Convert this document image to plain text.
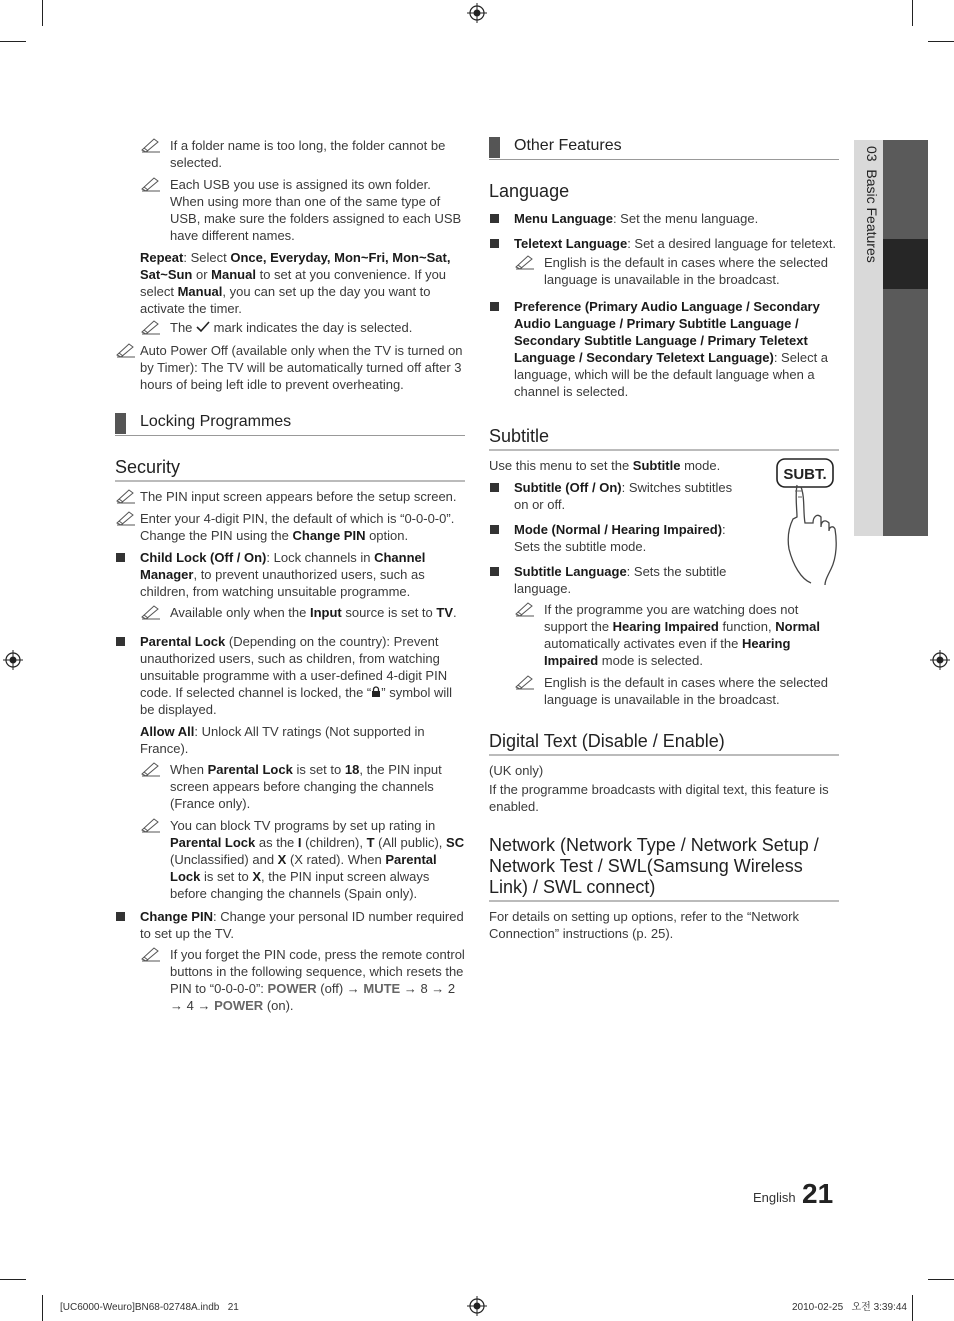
03  Basic Features

If a folder name is too long, the folder cannot be selected.

Each USB you use is assigned its own folder. When using more than one of the same type of USB, make sure the folders assigned to each USB have different names.

Repeat: Select Once, Everyday, Mon~Fri, Mon~Sat, Sat~Sun or Manual to set at you convenience. If you select Manual, you can set up the day you want to activate the timer.

The  mark indicates the day is selected.

Auto Power Off (available only when the TV is turned on by Timer): The TV will be automatically turned off after 3 hours of being left idle to prevent overheating.

Locking Programmes
Security

The PIN input screen appears before the setup screen.

Enter your 4-digit PIN, the default of which is “0-0-0-0”. Change the PIN using the Change PIN option.

Child Lock (Off / On): Lock channels in Channel Manager, to prevent unauthorized users, such as children, from watching unsuitable programme.

Available only when the Input source is set to TV.

Parental Lock (Depending on the country): Prevent unauthorized users, such as children, from watching unsuitable programme with a user-defined 4-digit PIN code. If selected channel is locked, the “ ” symbol will be displayed.

Allow All: Unlock All TV ratings (Not supported in France).

When Parental Lock is set to 18, the PIN input screen appears before changing the channels (France only).

You can block TV programs by set up rating in Parental Lock as the I (children), T (All public), SC (Unclassified) and X (X rated). When Parental Lock is set to X, the PIN input screen always before changing the channels (Spain only).

Change PIN: Change your personal ID number required to set up the TV.

If you forget the PIN code, press the remote control buttons in the following sequence, which resets the PIN to “0-0-0-0”: POWER (off) → MUTE → 8 → 2 → 4 → POWER (on).

Other Features
Language

Menu Language: Set the menu language.

Teletext Language: Set a desired language for teletext.

English is the default in cases where the selected language is unavailable in the broadcast.

Preference (Primary Audio Language / Secondary Audio Language / Primary Subtitle Language / Secondary Subtitle Language / Primary Teletext Language / Secondary Teletext Language): Select a language, which will be the default language when a channel is selected.

Subtitle
SUBT.

Use this menu to set the Subtitle mode.

Subtitle (Off / On): Switches subtitles on or off.

Mode (Normal / Hearing Impaired): Sets the subtitle mode.

Subtitle Language: Sets the subtitle language.

If the programme you are watching does not support the Hearing Impaired function, Normal automatically activates even if the Hearing Impaired mode is selected.

English is the default in cases where the selected language is unavailable in the broadcast.

Digital Text (Disable / Enable)

(UK only)

If the programme broadcasts with digital text, this feature is enabled.

Network (Network Type / Network Setup / Network Test / SWL(Samsung Wireless Link) / SWL connect)

For details on setting up options, refer to the “Network Connection” instructions (p. 25).

English 21
[UC6000-Weuro]BN68-02748A.indb   21	2010-02-25   오전 3:39:44
